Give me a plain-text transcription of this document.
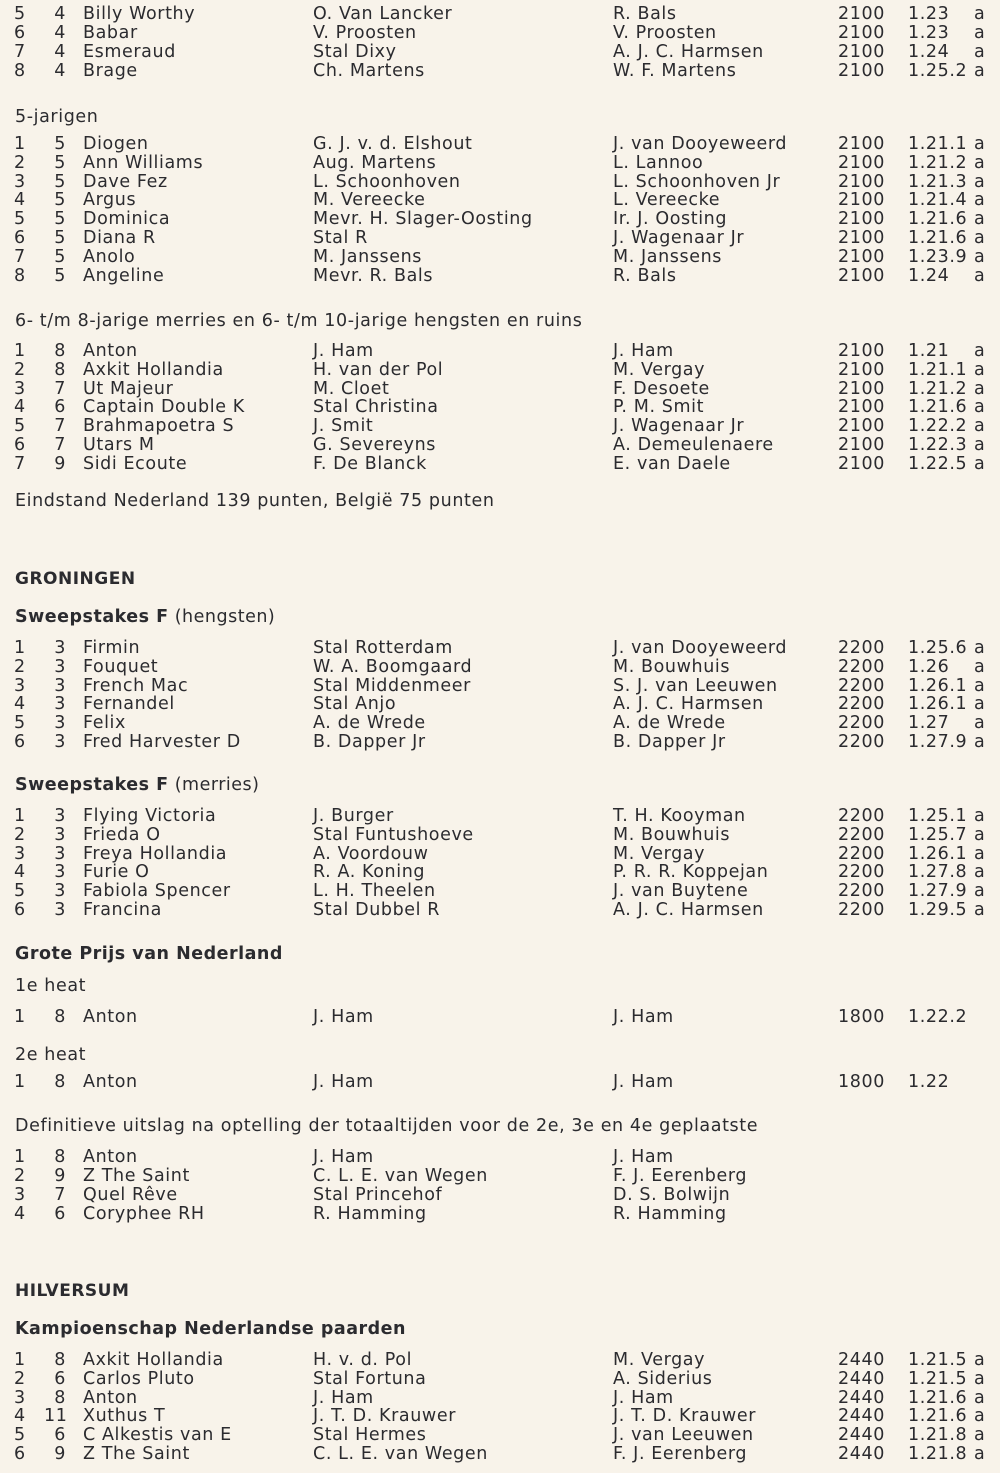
5	4 Billy Worthy	O. Van Lancker	R. Bals	2100 1.23 a
6	4 Babar	V. Proosten	V. Proosten	2100 1.23 a
7	4 Esmeraud	Stal Dixy	A. J. C. Harmsen	2100 1.24 a
8	4 Brage	Ch. Martens	W. F. Martens	2100 1.25.2 a
5-jarigen
1	5 Diogen	G. J. v. d. Elshout	J. van Dooyeweerd	2100 1.21.1 a
2	5 Ann Williams	Aug. Martens	L. Lannoo	2100 1.21.2 a
3	5 Dave Fez	L. Schoonhoven	L. Schoonhoven Jr	2100 1.21.3 a
4	5 Argus	M. Vereecke	L. Vereecke	2100 1.21.4 a
5	5 Dominica	Mevr. H. Slager-Oosting	Ir. J. Oosting	2100 1.21.6 a
6	5 Diana R	Stal R	J. Wagenaar Jr	2100 1.21.6 a
7	5 Anolo	M. Janssens	M. Janssens	2100 1.23.9 a
8	5 Angeline	Mevr. R. Bals	R. Bals	2100 1.24 a
6- t/m 8-jarige merries en 6- t/m 10-jarige hengsten en ruins
1	8 Anton	J. Ham	J. Ham	2100 1.21 a
2	8 Axkit Hollandia	H. van der Pol	M. Vergay	2100 1.21.1 a
3	7 Ut Majeur	M. Cloet	F. Desoete	2100 1.21.2 a
4	6 Captain Double K	Stal Christina	P. M. Smit	2100 1.21.6 a
5	7 Brahmapoetra S	J. Smit	J. Wagenaar Jr	2100 1.22.2 a
6	7 Utars M	G. Severeyns	A. Demeulenaere	2100 1.22.3 a
7	9 Sidi Ecoute	F. De Blanck	E. van Daele	2100 1.22.5 a
Eindstand Nederland 139 punten, België 75 punten
GRONINGEN
Sweepstakes F (hengsten)
1	3 Firmin	Stal Rotterdam	J. van Dooyeweerd	2200 1.25.6 a
2	3 Fouquet	W. A. Boomgaard	M. Bouwhuis	2200 1.26 a
3	3 French Mac	Stal Middenmeer	S. J. van Leeuwen	2200 1.26.1 a
4	3 Fernandel	Stal Anjo	A. J. C. Harmsen	2200 1.26.1 a
5	3 Felix	A. de Wrede	A. de Wrede	2200 1.27 a
6	3 Fred Harvester D	B. Dapper Jr	B. Dapper Jr	2200 1.27.9 a
Sweepstakes F (merries)
1	3 Flying Victoria	J. Burger	T. H. Kooyman	2200 1.25.1 a
2	3 Frieda O	Stal Funtushoeve	M. Bouwhuis	2200 1.25.7 a
3	3 Freya Hollandia	A. Voordouw	M. Vergay	2200 1.26.1 a
4	3 Furie O	R. A. Koning	P. R. R. Koppejan	2200 1.27.8 a
5	3 Fabiola Spencer	L. H. Theelen	J. van Buytene	2200 1.27.9 a
6	3 Francina	Stal Dubbel R	A. J. C. Harmsen	2200 1.29.5 a
Grote Prijs van Nederland
1e heat
1	8 Anton	J. Ham	J. Ham	1800 1.22.2
2e heat
1	8 Anton	J. Ham	J. Ham	1800 1.22
Definitieve uitslag na optelling der totaaltijden voor de 2e, 3e en 4e geplaatste
1	8 Anton	J. Ham	J. Ham
2	9 Z The Saint	C. L. E. van Wegen	F. J. Eerenberg
3	7 Quel Rêve	Stal Princehof	D. S. Bolwijn
4	6 Coryphee RH	R. Hamming	R. Hamming
HILVERSUM
Kampioenschap Nederlandse paarden
1	8 Axkit Hollandia	H. v. d. Pol	M. Vergay	2440 1.21.5 a
2	6 Carlos Pluto	Stal Fortuna	A. Siderius	2440 1.21.5 a
3	8 Anton	J. Ham	J. Ham	2440 1.21.6 a
4 11 Xuthus T	J. T. D. Krauwer	J. T. D. Krauwer	2440 1.21.6 a
5	6 C Alkestis van E	Stal Hermes	J. van Leeuwen	2440 1.21.8 a
6	9 Z The Saint	C. L. E. van Wegen	F. J. Eerenberg	2440 1.21.8 a
